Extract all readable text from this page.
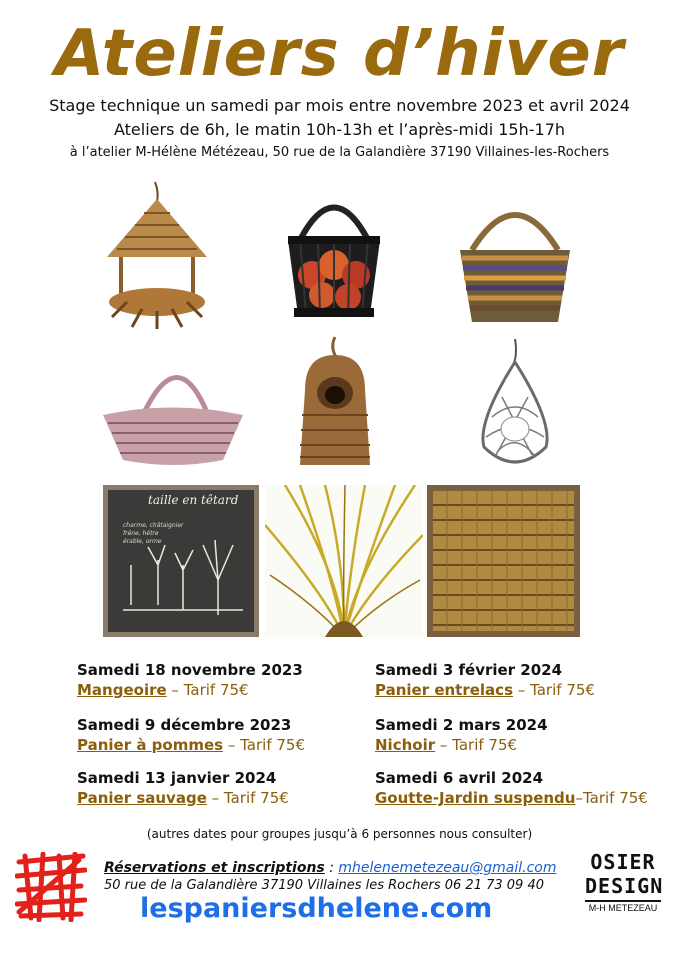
Ateliers d’hiver
Stage technique un samedi par mois entre novembre 2023 et avril 2024
Ateliers de 6h, le matin 10h-13h et l’après-midi 15h-17h
à l’atelier M-Hélène Métézeau, 50 rue de la Galandière 37190 Villaines-les-Rochers
charme, châtaignier
frêne, hêtre
érable, orme
taille en têtard
Samedi 18 novembre 2023
Mangeoire – Tarif 75€
Samedi 9 décembre 2023
Panier à pommes – Tarif 75€
Samedi 13 janvier 2024
Panier sauvage – Tarif 75€
Samedi 3 février 2024
Panier entrelacs – Tarif 75€
Samedi 2 mars 2024
Nichoir – Tarif 75€
Samedi 6 avril 2024
Goutte-Jardin suspendu–Tarif 75€
(autres dates pour groupes jusqu’à 6 personnes nous consulter)
Réservations et inscriptions : mhelenemetezeau@gmail.com
50 rue de la Galandière 37190 Villaines les Rochers 06 21 73 09 40
lespaniersdhelene.com
OSIER
DESIGN
M-H METEZEAU
